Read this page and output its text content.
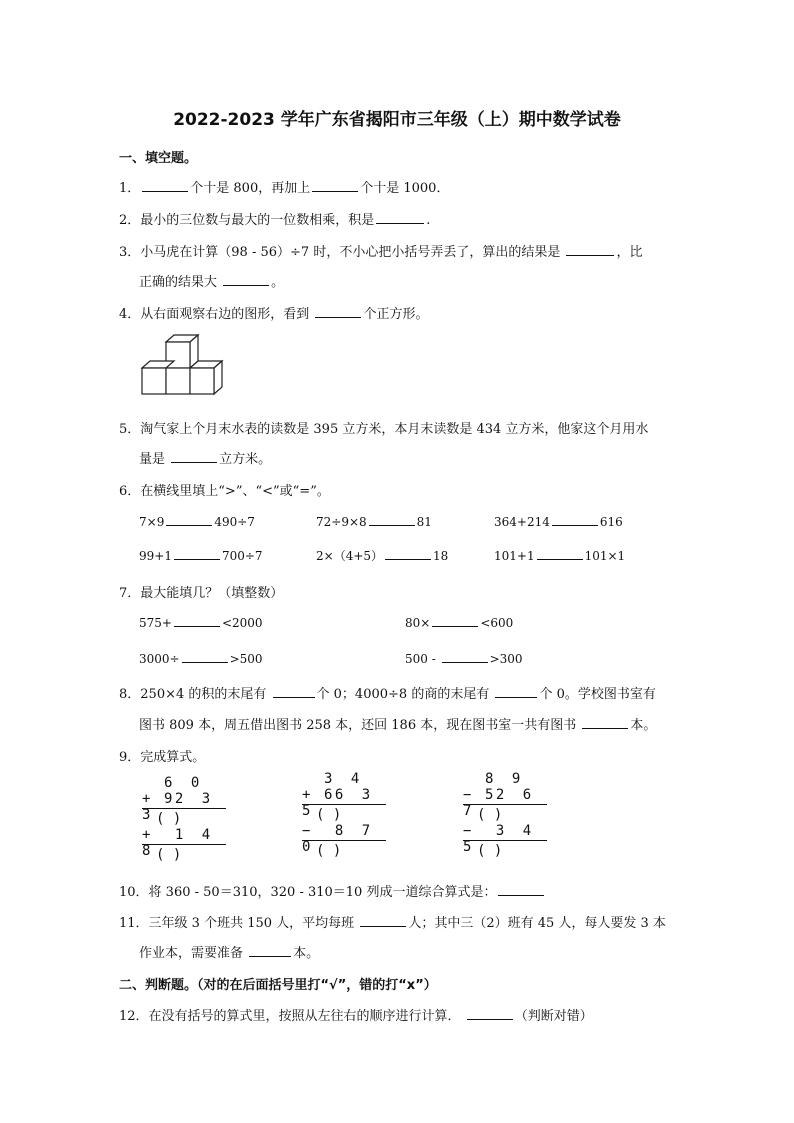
2022-2023 学年广东省揭阳市三年级（上）期中数学试卷
一、填空题。
1．	个十是 800，再加上	个十是 1000．
2．最小的三位数与最大的一位数相乘，积是	.
3．小马虎在计算（98 - 56）÷7 时，不小心把小括号弄丢了，算出的结果是	，比
正确的结果大	。
4．从右面观察右边的图形，看到	个正方形。
5．淘气家上个月末水表的读数是 395 立方米，本月末读数是 434 立方米，他家这个月用水
量是	立方米。
6．在横线里填上“>”、“<”或“=”。
7×9	490÷7	72÷9×8	81	364+214	616
99+1	700÷7	2×（4+5）	18	101+1	101×1
7．最大能填几？（填整数）
575+	<2000	80×	<600
3000÷	>500	500 -	>300
8．250×4 的积的末尾有	个 0；4000÷8 的商的末尾有	个 0。学校图书室有
图书 809 本，周五借出图书 258 本，还回 186 本，现在图书室一共有图书	本。
9．完成算式。
6 0 9
+ 2 3 3 ( )
+ 1 4 8 ( )
3 4 6
+ 6 3 5 ( )
− 8 7 0 ( )
8 9 5
− 2 6 7 ( )
− 3 4 5 ( )
10．将 360 - 50＝310，320 - 310＝10 列成一道综合算式是：
11．三年级 3 个班共 150 人，平均每班	人；其中三（2）班有 45 人，每人要发 3 本
作业本，需要准备	本。
二、判断题。（对的在后面括号里打“√”，错的打“x”）
12．在没有括号的算式里，按照从左往右的顺序进行计算．	（判断对错）
